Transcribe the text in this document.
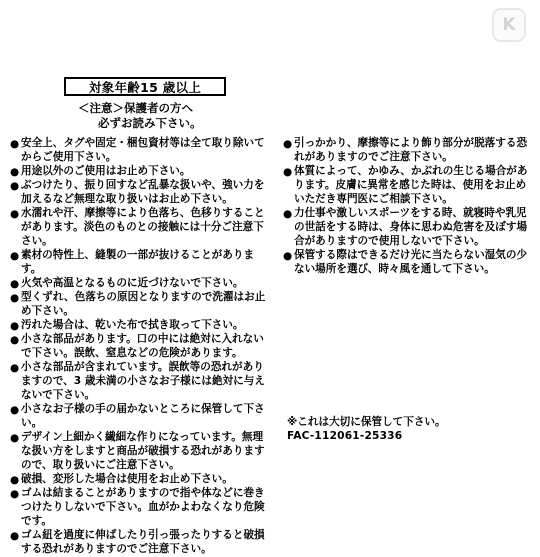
K
対象年齢15 歳以上
＜注意＞保護者の方へ
必ずお読み下さい。
● 安全上、タグや固定・梱包資材等は全て取り除いてからご使用下さい。
● 用途以外のご使用はお止め下さい。
● ぶつけたり、振り回すなど乱暴な扱いや、強い力を加えるなど無理な取り扱いはお止め下さい。
● 水濡れや汗、摩擦等により色落ち、色移りすることがあります。淡色のものとの接触には十分ご注意下さい。
● 素材の特性上、縫製の一部が抜けることがあります。
● 火気や高温となるものに近づけないで下さい。
● 型くずれ、色落ちの原因となりますので洗濯はお止め下さい。
● 汚れた場合は、乾いた布で拭き取って下さい。
● 小さな部品があります。口の中には絶対に入れないで下さい。誤飲、窒息などの危険があります。
● 小さな部品が含まれています。誤飲等の恐れがありますので、3 歳未満の小さなお子様には絶対に与えないで下さい。
● 小さなお子様の手の届かないところに保管して下さい。
● デザイン上細かく繊細な作りになっています。無理な扱い方をしますと商品が破損する恐れがありますので、取り扱いにご注意下さい。
● 破損、変形した場合は使用をお止め下さい。
● ゴムは結まることがありますので指や体などに巻きつけたりしないで下さい。血がかよわなくなり危険です。
● ゴム紐を過度に伸ばしたり引っ張ったりすると破損する恐れがありますのでご注意下さい。
● 引っかかり、摩擦等により飾り部分が脱落する恐れがありますのでご注意下さい。
● 体質によって、かゆみ、かぶれの生じる場合があります。皮膚に異常を感じた時は、使用をお止めいただき専門医にご相談下さい。
● 力仕事や激しいスポーツをする時、就寝時や乳児の世話をする時は、身体に思わぬ危害を及ぼす場合がありますので使用しないで下さい。
● 保管する際はできるだけ光に当たらない湿気の少ない場所を選び、時々風を通して下さい。
※これは大切に保管して下さい。
FAC-112061-25336
